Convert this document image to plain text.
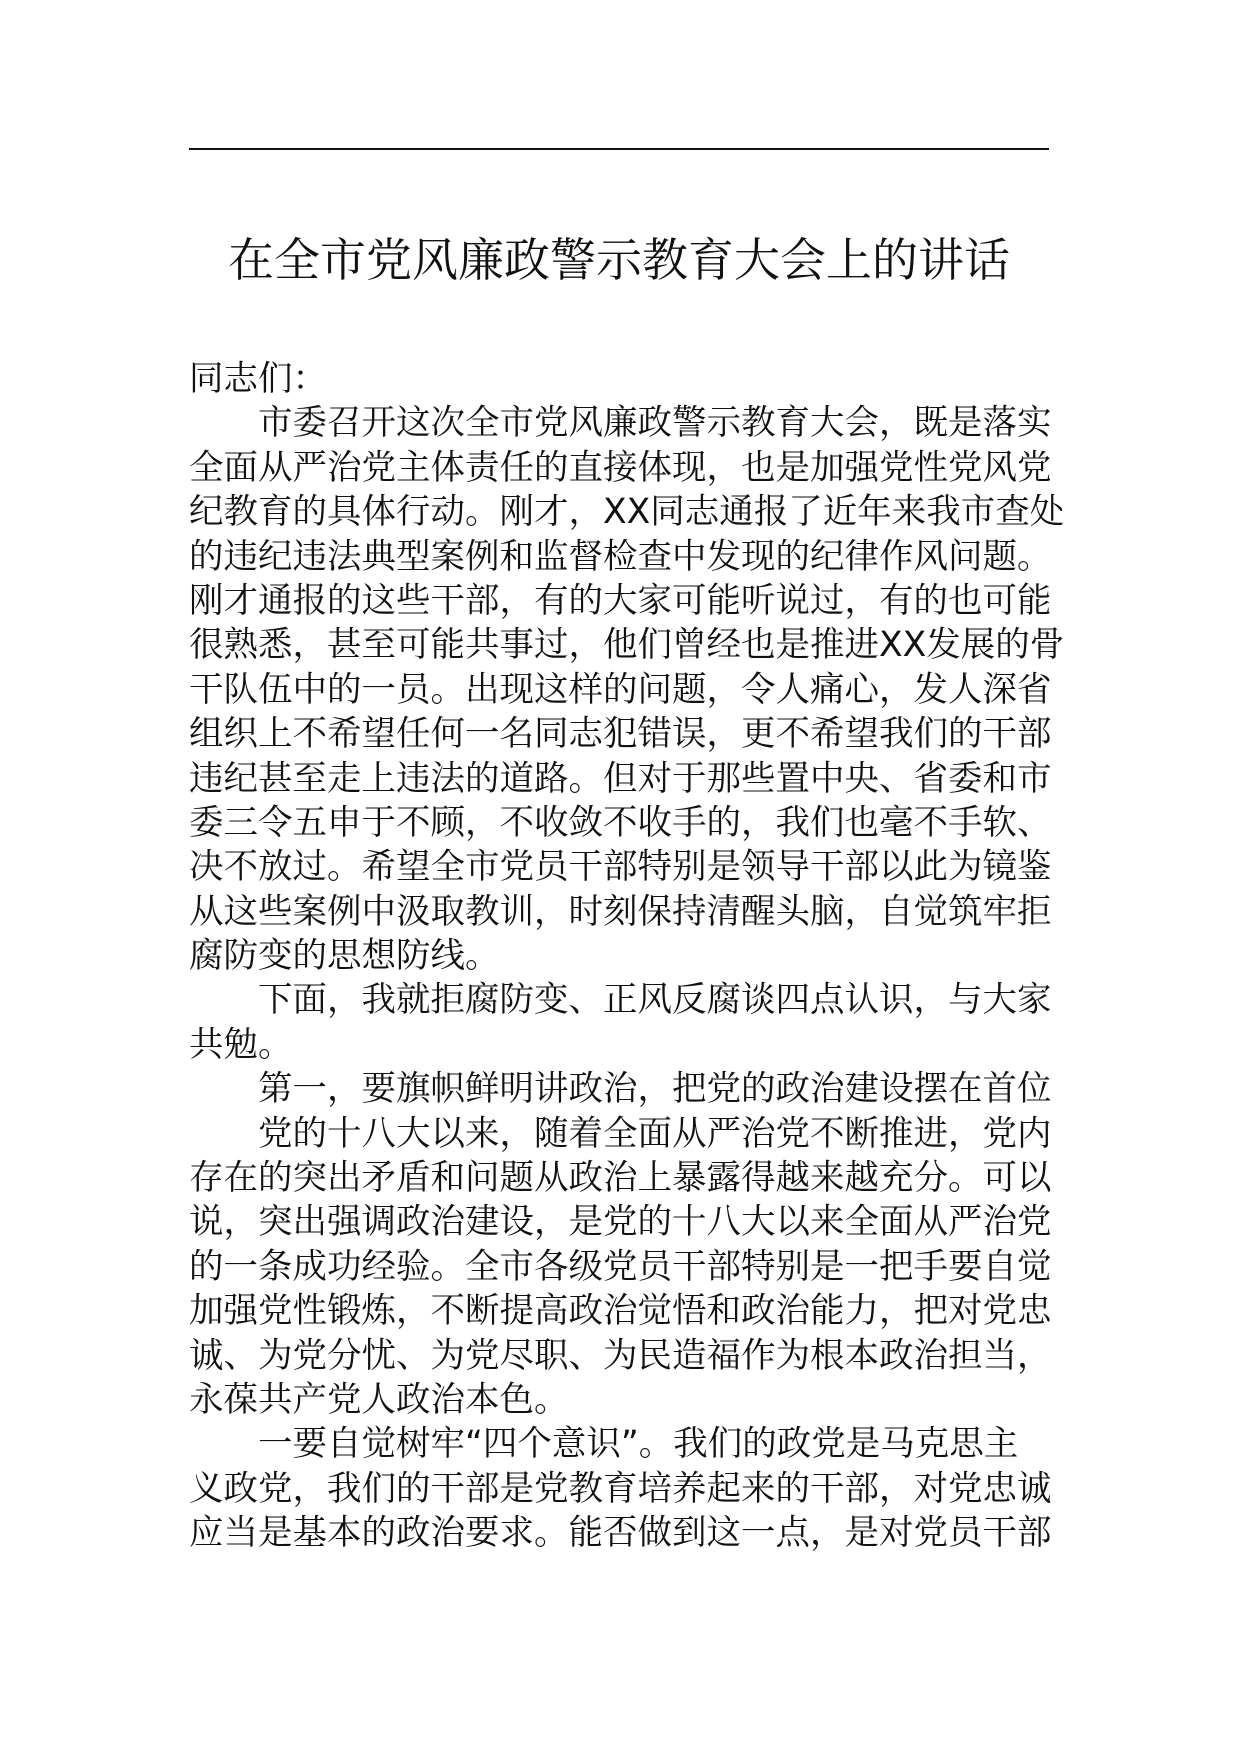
在全市党风廉政警示教育大会上的讲话
同志们：
　　市委召开这次全市党风廉政警示教育大会，既是落实
全面从严治党主体责任的直接体现，也是加强党性党风党
纪教育的具体行动。刚才，XX同志通报了近年来我市查处
的违纪违法典型案例和监督检查中发现的纪律作风问题。
刚才通报的这些干部，有的大家可能听说过，有的也可能
很熟悉，甚至可能共事过，他们曾经也是推进XX发展的骨
干队伍中的一员。出现这样的问题，令人痛心，发人深省
组织上不希望任何一名同志犯错误，更不希望我们的干部
违纪甚至走上违法的道路。但对于那些置中央、省委和市
委三令五申于不顾，不收敛不收手的，我们也毫不手软、
决不放过。希望全市党员干部特别是领导干部以此为镜鉴
从这些案例中汲取教训，时刻保持清醒头脑，自觉筑牢拒
腐防变的思想防线。
　　下面，我就拒腐防变、正风反腐谈四点认识，与大家
共勉。
　　第一，要旗帜鲜明讲政治，把党的政治建设摆在首位
　　党的十八大以来，随着全面从严治党不断推进，党内
存在的突出矛盾和问题从政治上暴露得越来越充分。可以
说，突出强调政治建设，是党的十八大以来全面从严治党
的一条成功经验。全市各级党员干部特别是一把手要自觉
加强党性锻炼，不断提高政治觉悟和政治能力，把对党忠
诚、为党分忧、为党尽职、为民造福作为根本政治担当，
永葆共产党人政治本色。
　　一要自觉树牢“四个意识”。我们的政党是马克思主
义政党，我们的干部是党教育培养起来的干部，对党忠诚
应当是基本的政治要求。能否做到这一点，是对党员干部
